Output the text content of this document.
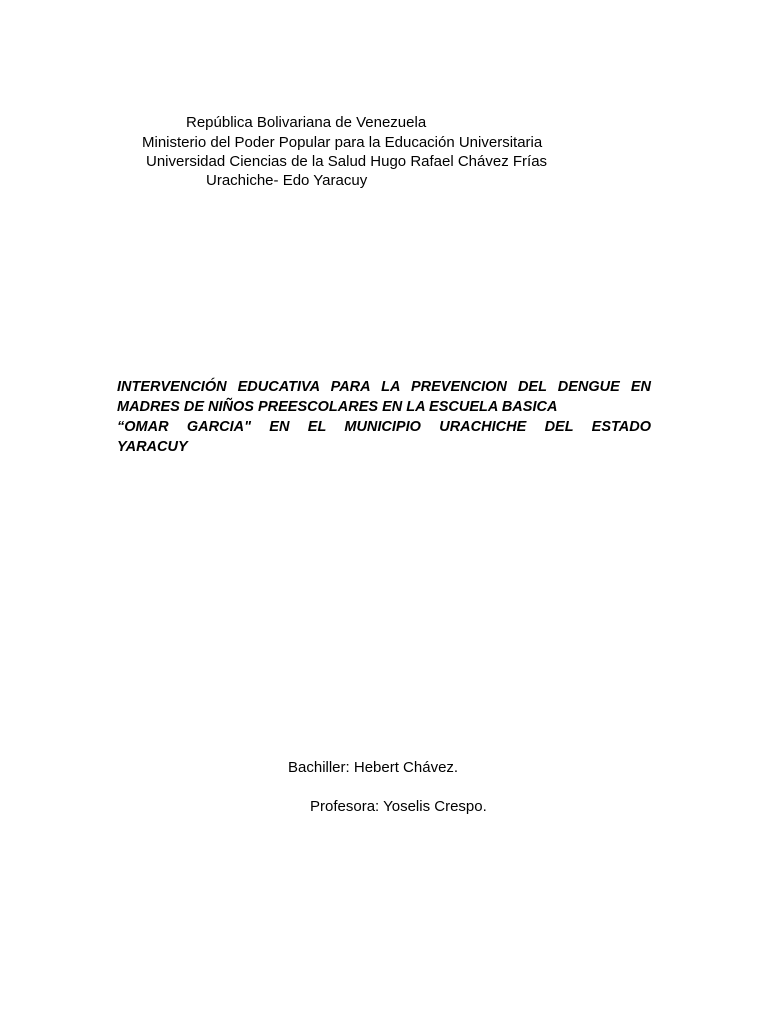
República Bolivariana de Venezuela
Ministerio del Poder Popular para la Educación Universitaria
Universidad Ciencias de la Salud Hugo Rafael Chávez Frías
Urachiche- Edo Yaracuy
INTERVENCIÓN EDUCATIVA PARA LA PREVENCION DEL DENGUE EN
MADRES DE NIÑOS PREESCOLARES EN LA ESCUELA BASICA
“OMAR GARCIA" EN EL MUNICIPIO URACHICHE DEL ESTADO
YARACUY
Bachiller: Hebert Chávez.
Profesora: Yoselis Crespo.
